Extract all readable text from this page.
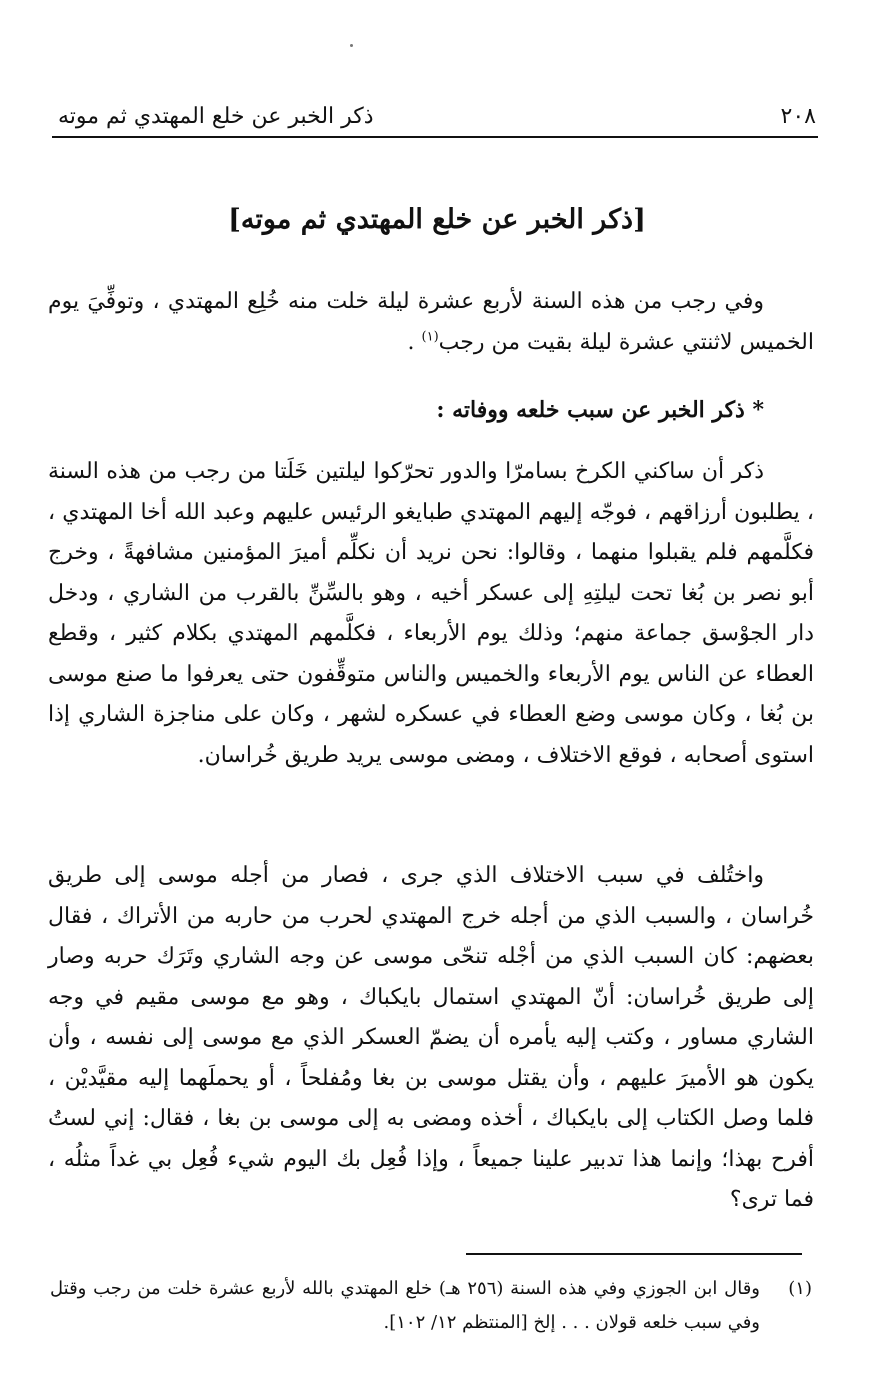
٢٠٨
ذكر الخبر عن خلع المهتدي ثم موته
[ذكر الخبر عن خلع المهتدي ثم موته]

وفي رجب من هذه السنة لأربع عشرة ليلة خلت منه خُلِع المهتدي ، وتوفِّيَ يوم الخميس لاثنتي عشرة ليلة بقيت من رجب$^{(١)}$ .

* ذكر الخبر عن سبب خلعه ووفاته :

ذكر أن ساكني الكرخ بسامرّا والدور تحرّكوا ليلتين خَلَتا من رجب من هذه السنة ، يطلبون أرزاقهم ، فوجّه إليهم المهتدي طبايغو الرئيس عليهم وعبد الله أخا المهتدي ، فكلَّمهم فلم يقبلوا منهما ، وقالوا: نحن نريد أن نكلِّم أميرَ المؤمنين مشافهةً ، وخرج أبو نصر بن بُغا تحت ليلتِهِ إلى عسكر أخيه ، وهو بالسِّنِّ بالقرب من الشاري ، ودخل دار الجوْسق جماعة منهم؛ وذلك يوم الأربعاء ، فكلَّمهم المهتدي بكلام كثير ، وقطع العطاء عن الناس يوم الأربعاء والخميس والناس متوقِّفون حتى يعرفوا ما صنع موسى بن بُغا ، وكان موسى وضع العطاء في عسكره لشهر ، وكان على مناجزة الشاري إذا استوى أصحابه ، فوقع الاختلاف ، ومضى موسى يريد طريق خُراسان.

واختُلف في سبب الاختلاف الذي جرى ، فصار من أجله موسى إلى طريق خُراسان ، والسبب الذي من أجله خرج المهتدي لحرب من حاربه من الأتراك ، فقال بعضهم: كان السبب الذي من أجْله تنحّى موسى عن وجه الشاري وتَرَك حربه وصار إلى طريق خُراسان: أنّ المهتدي استمال بايكباك ، وهو مع موسى مقيم في وجه الشاري مساور ، وكتب إليه يأمره أن يضمّ العسكر الذي مع موسى إلى نفسه ، وأن يكون هو الأميرَ عليهم ، وأن يقتل موسى بن بغا ومُفلحاً ، أو يحملَهما إليه مقيَّديْن ، فلما وصل الكتاب إلى بايكباك ، أخذه ومضى به إلى موسى بن بغا ، فقال: إني لستُ أفرح بهذا؛ وإنما هذا تدبير علينا جميعاً ، وإذا فُعِل بك اليوم شيء فُعِل بي غداً مثلُه ، فما ترى؟

(١)
وقال ابن الجوزي وفي هذه السنة (٢٥٦ هـ) خلع المهتدي بالله لأربع عشرة خلت من رجب وقتل وفي سبب خلعه قولان . . . إلخ [المنتظم ١٢/ ١٠٢].
